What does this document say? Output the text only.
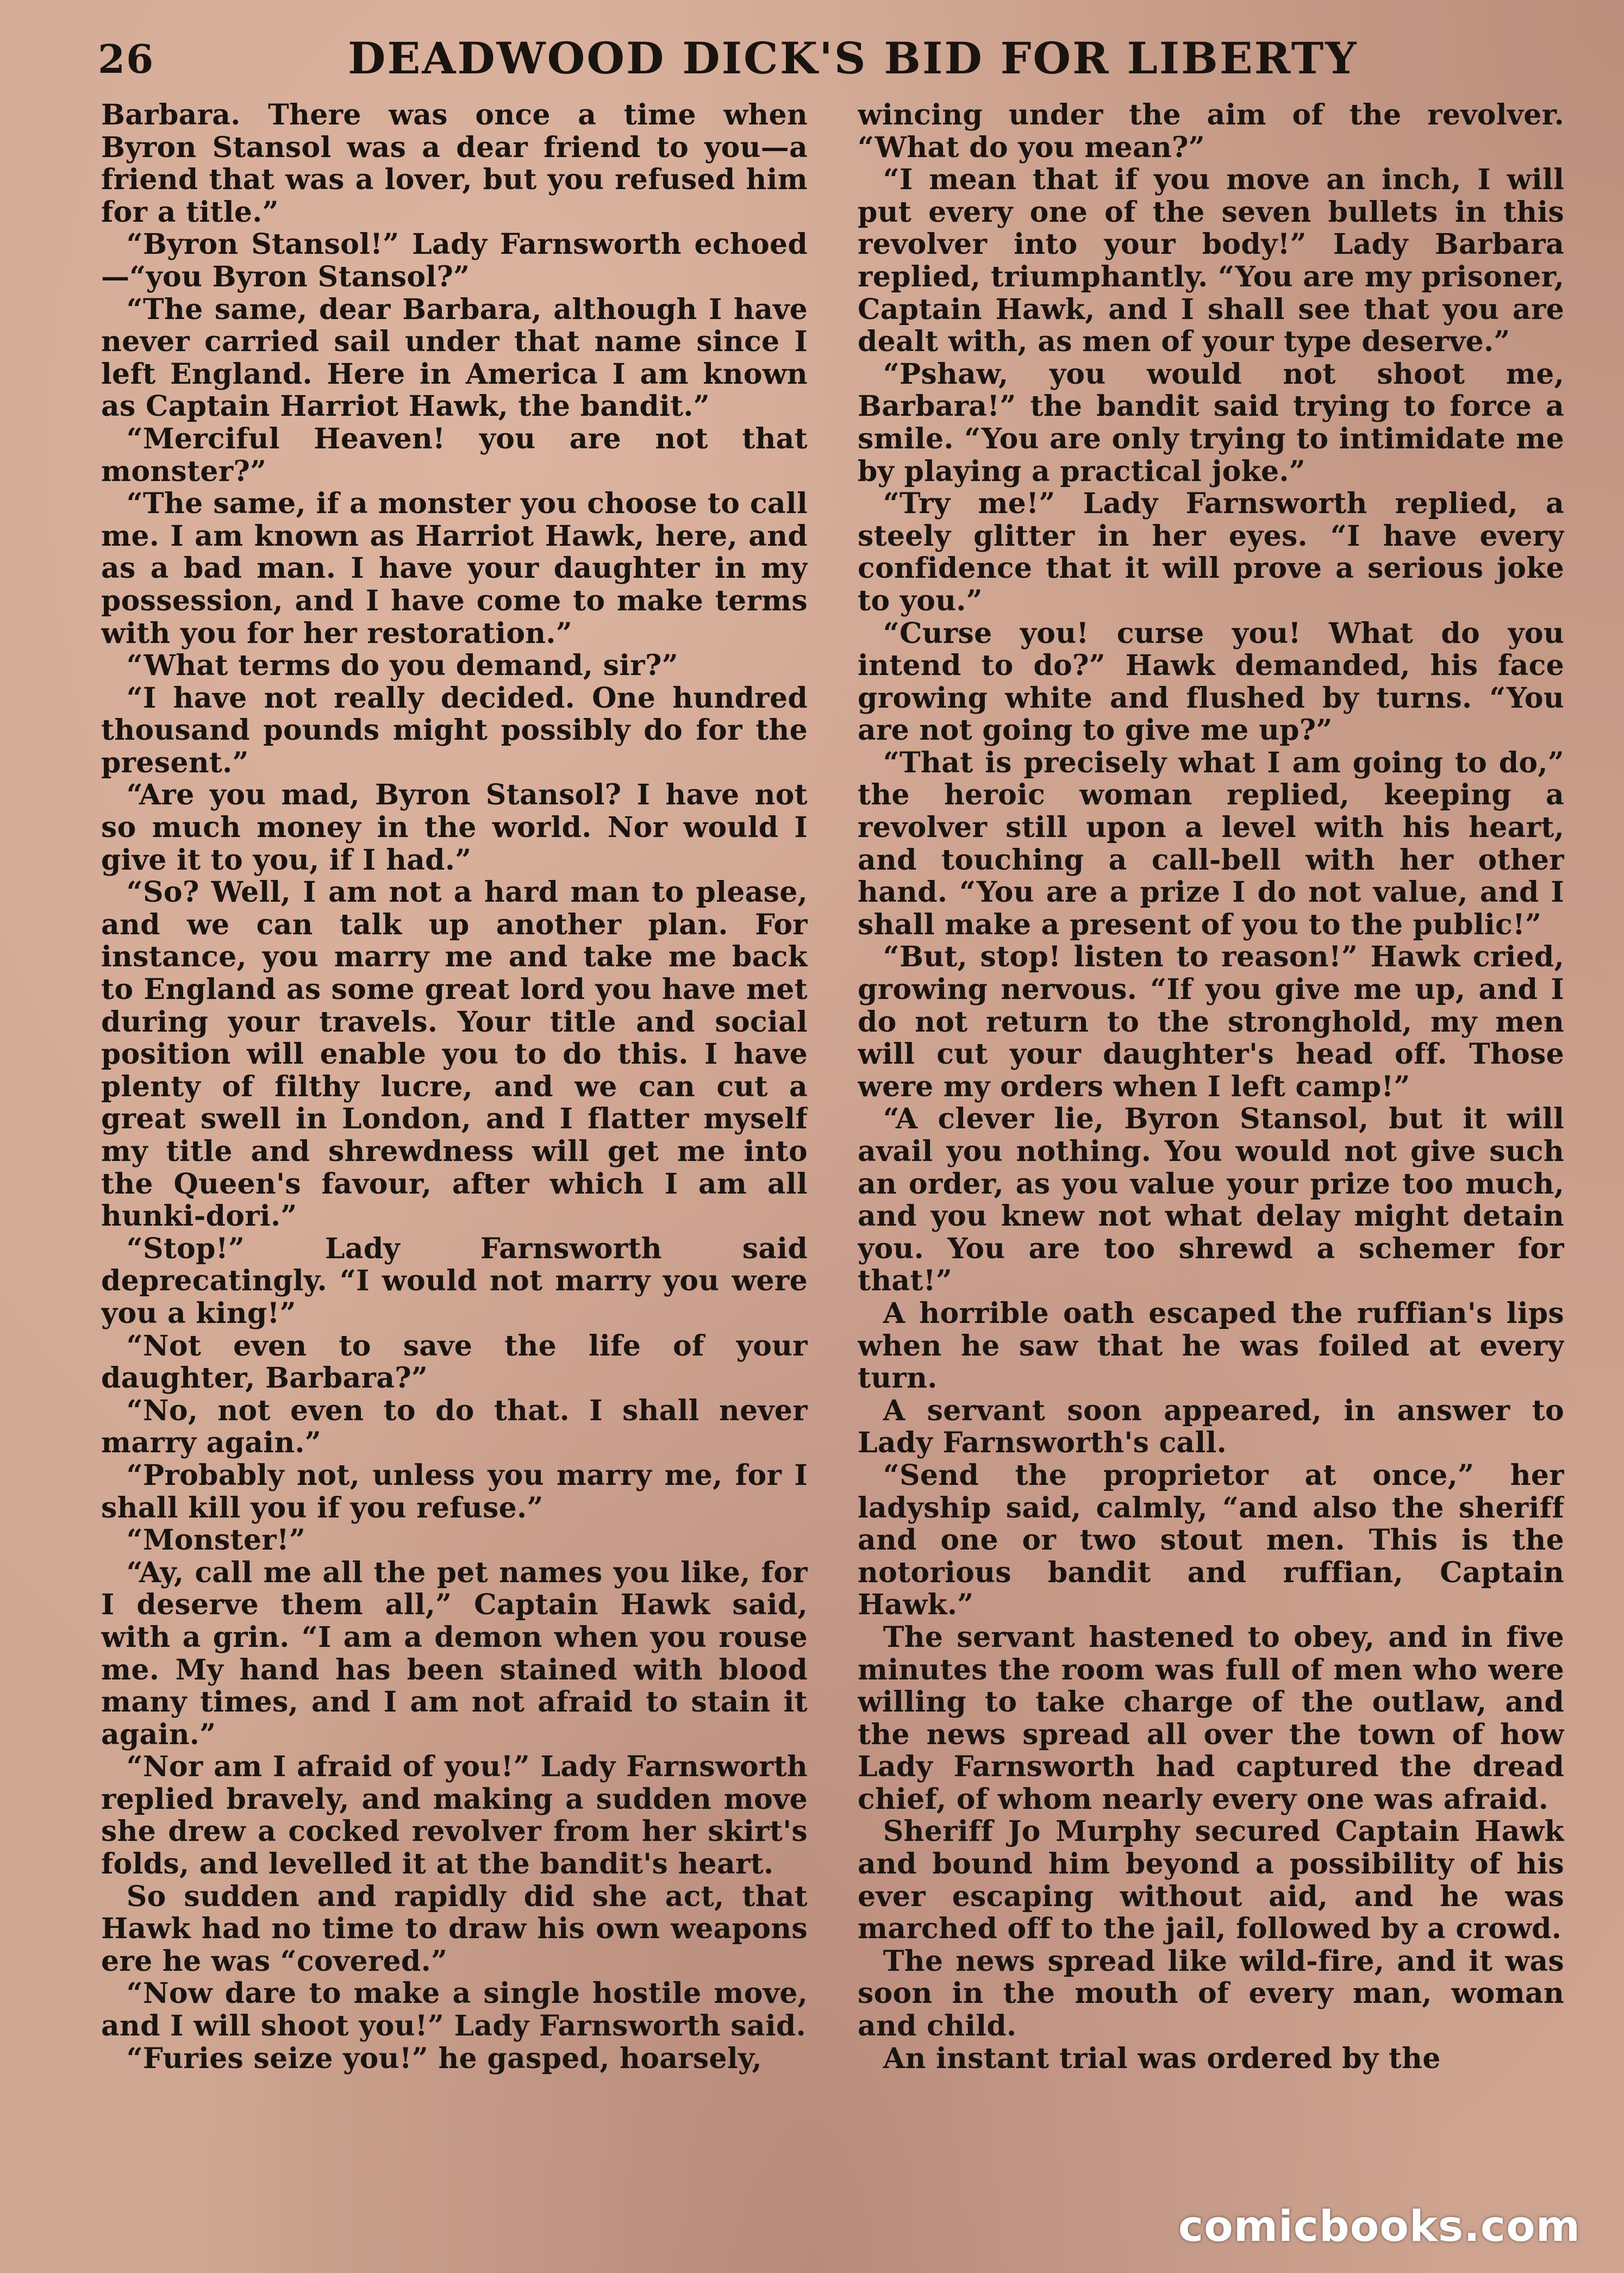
26	DEADWOOD DICK'S BID FOR LIBERTY

Barbara. There was once a time when Byron Stansol was a dear friend to you—a friend that was a lover, but you refused him for a title.”

“Byron Stansol!” Lady Farnsworth echoed—“you Byron Stansol?”

“The same, dear Barbara, although I have never carried sail under that name since I left England. Here in America I am known as Captain Harriot Hawk, the bandit.”

“Merciful Heaven! you are not that monster?”

“The same, if a monster you choose to call me. I am known as Harriot Hawk, here, and as a bad man. I have your daughter in my possession, and I have come to make terms with you for her restoration.”

“What terms do you demand, sir?”

“I have not really decided. One hundred thousand pounds might possibly do for the present.”

“Are you mad, Byron Stansol? I have not so much money in the world. Nor would I give it to you, if I had.”

“So? Well, I am not a hard man to please, and we can talk up another plan. For instance, you marry me and take me back to England as some great lord you have met during your travels. Your title and social position will enable you to do this. I have plenty of filthy lucre, and we can cut a great swell in London, and I flatter myself my title and shrewdness will get me into the Queen's favour, after which I am all hunki-dori.”

“Stop!” Lady Farnsworth said deprecatingly. “I would not marry you were you a king!”

“Not even to save the life of your daughter, Barbara?”

“No, not even to do that. I shall never marry again.”

“Probably not, unless you marry me, for I shall kill you if you refuse.”

“Monster!”

“Ay, call me all the pet names you like, for I deserve them all,” Captain Hawk said, with a grin. “I am a demon when you rouse me. My hand has been stained with blood many times, and I am not afraid to stain it again.”

“Nor am I afraid of you!” Lady Farnsworth replied bravely, and making a sudden move she drew a cocked revolver from her skirt's folds, and levelled it at the bandit's heart.

So sudden and rapidly did she act, that Hawk had no time to draw his own weapons ere he was “covered.”

“Now dare to make a single hostile move, and I will shoot you!” Lady Farnsworth said.

“Furies seize you!” he gasped, hoarsely,

wincing under the aim of the revolver. “What do you mean?”

“I mean that if you move an inch, I will put every one of the seven bullets in this revolver into your body!” Lady Barbara replied, triumphantly. “You are my prisoner, Captain Hawk, and I shall see that you are dealt with, as men of your type deserve.”

“Pshaw, you would not shoot me, Barbara!” the bandit said trying to force a smile. “You are only trying to intimidate me by playing a practical joke.”

“Try me!” Lady Farnsworth replied, a steely glitter in her eyes. “I have every confidence that it will prove a serious joke to you.”

“Curse you! curse you! What do you intend to do?” Hawk demanded, his face growing white and flushed by turns. “You are not going to give me up?”

“That is precisely what I am going to do,” the heroic woman replied, keeping a revolver still upon a level with his heart, and touching a call-bell with her other hand. “You are a prize I do not value, and I shall make a present of you to the public!”

“But, stop! listen to reason!” Hawk cried, growing nervous. “If you give me up, and I do not return to the stronghold, my men will cut your daughter's head off. Those were my orders when I left camp!”

“A clever lie, Byron Stansol, but it will avail you nothing. You would not give such an order, as you value your prize too much, and you knew not what delay might detain you. You are too shrewd a schemer for that!”

A horrible oath escaped the ruffian's lips when he saw that he was foiled at every turn.

A servant soon appeared, in answer to Lady Farnsworth's call.

“Send the proprietor at once,” her ladyship said, calmly, “and also the sheriff and one or two stout men. This is the notorious bandit and ruffian, Captain Hawk.”

The servant hastened to obey, and in five minutes the room was full of men who were willing to take charge of the outlaw, and the news spread all over the town of how Lady Farnsworth had captured the dread chief, of whom nearly every one was afraid.

Sheriff Jo Murphy secured Captain Hawk and bound him beyond a possibility of his ever escaping without aid, and he was marched off to the jail, followed by a crowd.

The news spread like wild-fire, and it was soon in the mouth of every man, woman and child.

An instant trial was ordered by the

comicbooks.com
